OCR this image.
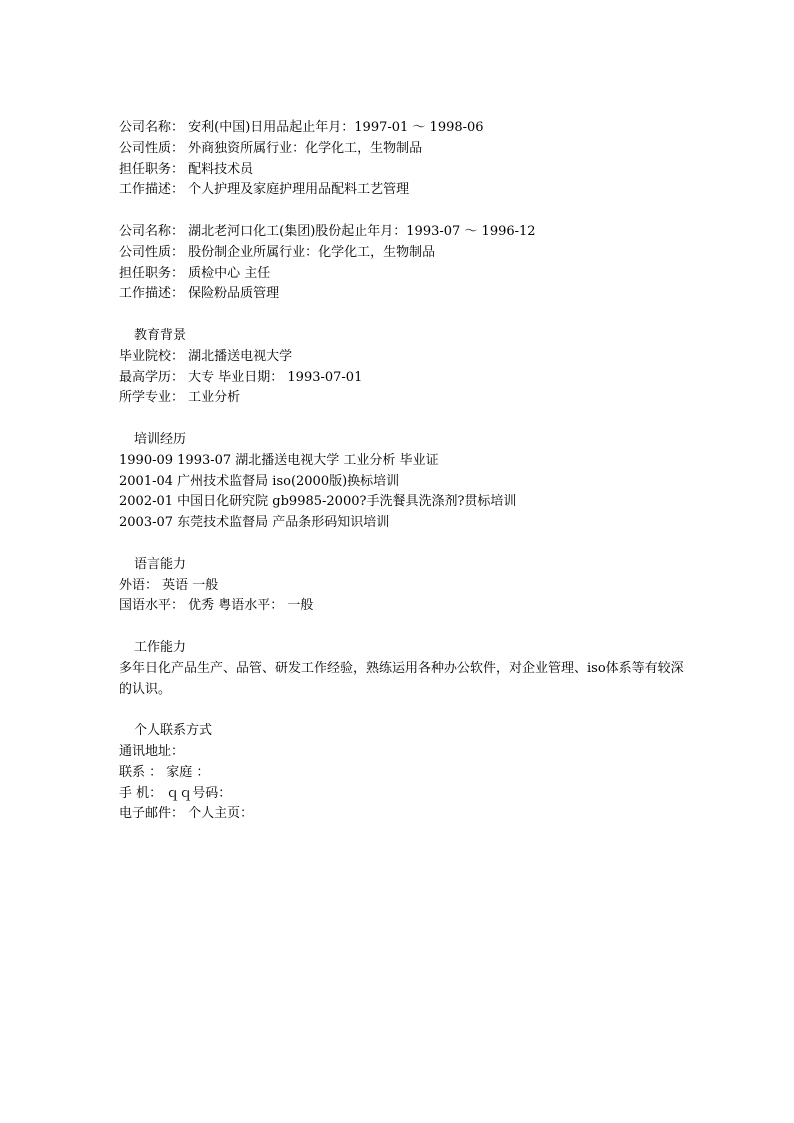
公司名称： 安利(中国)日用品起止年月：1997-01 ～ 1998-06
公司性质： 外商独资所属行业：化学化工，生物制品
担任职务： 配料技术员
工作描述： 个人护理及家庭护理用品配料工艺管理
公司名称： 湖北老河口化工(集团)股份起止年月：1993-07 ～ 1996-12
公司性质： 股份制企业所属行业：化学化工，生物制品
担任职务： 质检中心 主任
工作描述： 保险粉品质管理
教育背景
毕业院校： 湖北播送电视大学
最高学历： 大专 毕业日期： 1993-07-01
所学专业： 工业分析
培训经历
1990-09 1993-07 湖北播送电视大学 工业分析 毕业证
2001-04 广州技术监督局 iso(2000版)换标培训
2002-01 中国日化研究院 gb9985-2000?手洗餐具洗涤剂?贯标培训
2003-07 东莞技术监督局 产品条形码知识培训
语言能力
外语： 英语 一般
国语水平： 优秀 粤语水平： 一般
工作能力
多年日化产品生产、品管、研发工作经验，熟练运用各种办公软件，对企业管理、iso体系等有较深的认识。
个人联系方式
通讯地址：
联系 ： 家庭 ：
手 机： ｑｑ号码：
电子邮件： 个人主页：
